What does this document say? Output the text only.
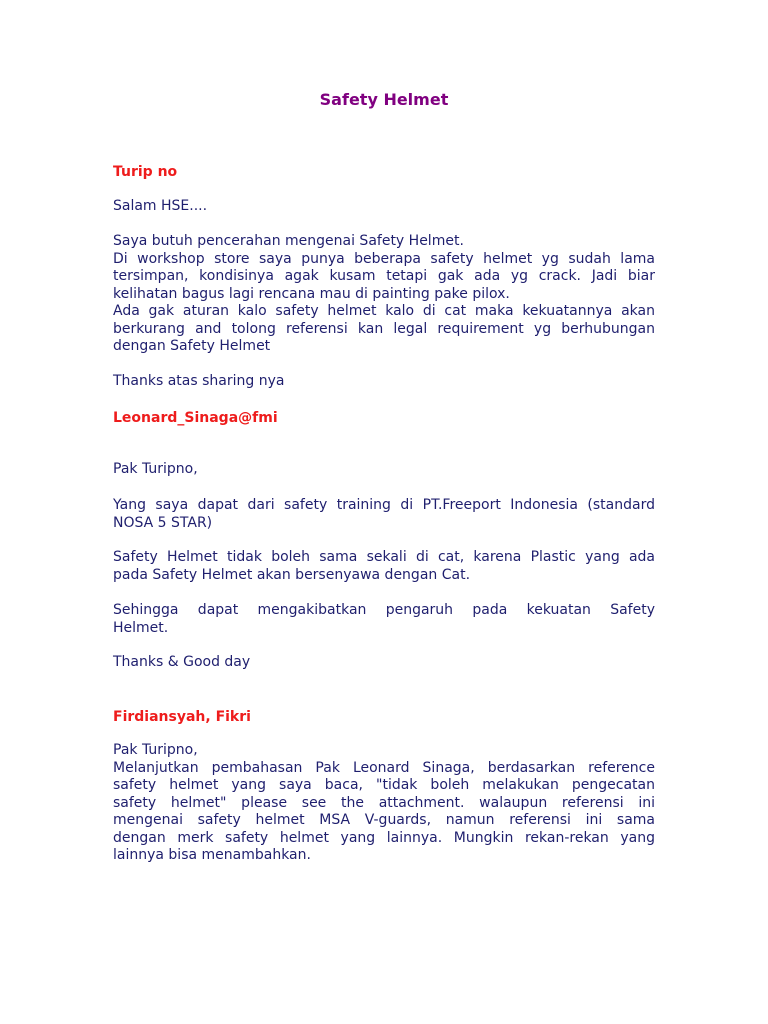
Safety Helmet
Turip no
Salam HSE....
Saya butuh pencerahan mengenai Safety Helmet.
Di workshop store saya punya beberapa safety helmet yg sudah lama
tersimpan, kondisinya agak kusam tetapi gak ada yg crack. Jadi biar
kelihatan bagus lagi rencana mau di painting pake pilox.
Ada gak aturan kalo safety helmet kalo di cat maka kekuatannya akan
berkurang and tolong referensi kan legal requirement yg berhubungan
dengan Safety Helmet
Thanks atas sharing nya
Leonard_Sinaga@fmi
Pak Turipno,
Yang saya dapat dari safety training di PT.Freeport Indonesia (standard
NOSA 5 STAR)
Safety Helmet tidak boleh sama sekali di cat, karena Plastic yang ada
pada Safety Helmet akan bersenyawa dengan Cat.
Sehingga dapat mengakibatkan pengaruh pada kekuatan Safety
Helmet.
Thanks & Good day
Firdiansyah, Fikri
Pak Turipno,
Melanjutkan pembahasan Pak Leonard Sinaga, berdasarkan reference
safety helmet yang saya baca, "tidak boleh melakukan pengecatan
safety helmet" please see the attachment. walaupun referensi ini
mengenai safety helmet MSA V-guards, namun referensi ini sama
dengan merk safety helmet yang lainnya. Mungkin rekan-rekan yang
lainnya bisa menambahkan.
